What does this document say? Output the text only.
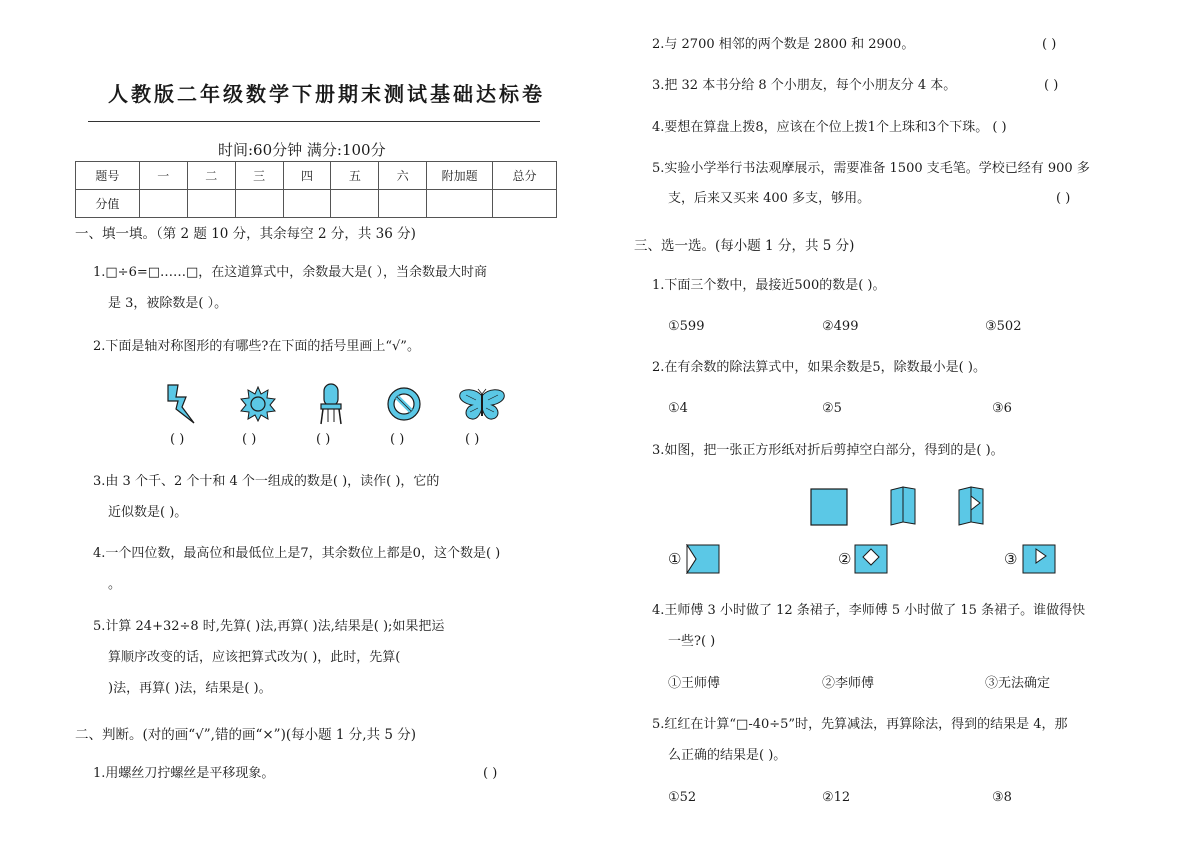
人教版二年级数学下册期末测试基础达标卷
时间:60分钟 满分:100分
题号	一	二	三	四	五	六	附加题	总分
分值								
一、填一填。（第 2 题 10 分，其余每空 2 分，共 36 分)
1.□÷6=□……□，在这道算式中，余数最大是( ），当余数最大时商
是 3，被除数是( ）。
2.下面是轴对称图形的有哪些?在下面的括号里画上“√”。
( )	( )	( )	( )	( )
3.由 3 个千、2 个十和 4 个一组成的数是( )，读作( )，它的
近似数是( )。
4.一个四位数，最高位和最低位上是7，其余数位上都是0，这个数是( )
。
5.计算 24+32÷8 时,先算( )法,再算( )法,结果是( );如果把运
算顺序改变的话，应该把算式改为( )，此时，先算(
)法，再算( )法，结果是( )。
二、判断。(对的画“√”,错的画“×”)(每小题 1 分,共 5 分)
1.用螺丝刀拧螺丝是平移现象。	( )
2.与 2700 相邻的两个数是 2800 和 2900。	( )
3.把 32 本书分给 8 个小朋友，每个小朋友分 4 本。	( )
4.要想在算盘上拨8，应该在个位上拨1个上珠和3个下珠。 ( )
5.实验小学举行书法观摩展示，需要准备 1500 支毛笔。学校已经有 900 多
支，后来又买来 400 多支，够用。	( )
三、选一选。(每小题 1 分，共 5 分)
1.下面三个数中，最接近500的数是( )。
①599	②499	③502
2.在有余数的除法算式中，如果余数是5，除数最小是( )。
①4	②5	③6
3.如图，把一张正方形纸对折后剪掉空白部分，得到的是( )。
①	②	③
4.王师傅 3 小时做了 12 条裙子，李师傅 5 小时做了 15 条裙子。谁做得快
一些?( )
①王师傅	②李师傅	③无法确定
5.红红在计算“□-40÷5”时，先算减法，再算除法，得到的结果是 4，那
么正确的结果是( )。
①52	②12	③8
